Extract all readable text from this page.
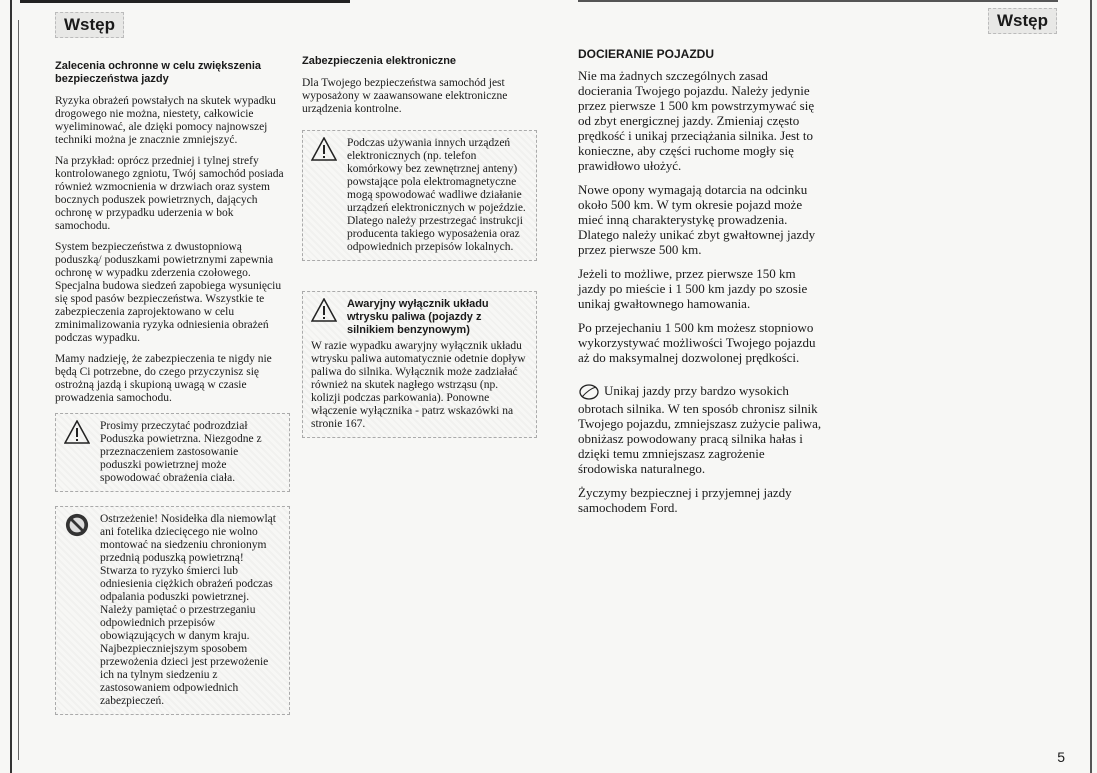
Wstęp
Zalecenia ochronne w celu zwiększenia bezpieczeństwa jazdy

Ryzyka obrażeń powstałych na skutek wypadku drogowego nie można, niestety, całkowicie wyeliminować, ale dzięki pomocy najnowszej techniki można je znacznie zmniejszyć.

Na przykład: oprócz przedniej i tylnej strefy kontrolowanego zgniotu, Twój samochód posiada również wzmocnienia w drzwiach oraz system bocznych poduszek powietrznych, dających ochronę w przypadku uderzenia w bok samochodu.

System bezpieczeństwa z dwustopniową poduszką/ poduszkami powietrznymi zapewnia ochronę w wypadku zderzenia czołowego. Specjalna budowa siedzeń zapobiega wysunięciu się spod pasów bezpieczeństwa. Wszystkie te zabezpieczenia zaprojektowano w celu zminimalizowania ryzyka odniesienia obrażeń podczas wypadku.

Mamy nadzieję, że zabezpieczenia te nigdy nie będą Ci potrzebne, do czego przyczynisz się ostrożną jazdą i skupioną uwagą w czasie prowadzenia samochodu.

Prosimy przeczytać podrozdział Poduszka powietrzna. Niezgodne z przeznaczeniem zastosowanie poduszki powietrznej może spowodować obrażenia ciała.
Ostrzeżenie! Nosidełka dla niemowląt ani fotelika dziecięcego nie wolno montować na siedzeniu chronionym przednią poduszką powietrzną! Stwarza to ryzyko śmierci lub odniesienia ciężkich obrażeń podczas odpalania poduszki powietrznej. Należy pamiętać o przestrzeganiu odpowiednich przepisów obowiązujących w danym kraju. Najbezpieczniejszym sposobem przewożenia dzieci jest przewożenie ich na tylnym siedzeniu z zastosowaniem odpowiednich zabezpieczeń.
Zabezpieczenia elektroniczne

Dla Twojego bezpieczeństwa samochód jest wyposażony w zaawansowane elektroniczne urządzenia kontrolne.

Podczas używania innych urządzeń elektronicznych (np. telefon komórkowy bez zewnętrznej anteny) powstające pola elektromagnetyczne mogą spowodować wadliwe działanie urządzeń elektronicznych w pojeździe. Dlatego należy przestrzegać instrukcji producenta takiego wyposażenia oraz odpowiednich przepisów lokalnych.
Awaryjny wyłącznik układu wtrysku paliwa (pojazdy z silnikiem benzynowym)
W razie wypadku awaryjny wyłącznik układu wtrysku paliwa automatycznie odetnie dopływ paliwa do silnika. Wyłącznik może zadziałać również na skutek nagłego wstrząsu (np. kolizji podczas parkowania). Ponowne włączenie wyłącznika - patrz wskazówki na stronie 167.
Wstęp
DOCIERANIE POJAZDU

Nie ma żadnych szczególnych zasad docierania Twojego pojazdu. Należy jedynie przez pierwsze 1 500 km powstrzymywać się od zbyt energicznej jazdy. Zmieniaj często prędkość i unikaj przeciążania silnika. Jest to konieczne, aby części ruchome mogły się prawidłowo ułożyć.

Nowe opony wymagają dotarcia na odcinku około 500 km. W tym okresie pojazd może mieć inną charakterystykę prowadzenia. Dlatego należy unikać zbyt gwałtownej jazdy przez pierwsze 500 km.

Jeżeli to możliwe, przez pierwsze 150 km jazdy po mieście i 1 500 km jazdy po szosie unikaj gwałtownego hamowania.

Po przejechaniu 1 500 km możesz stopniowo wykorzystywać możliwości Twojego pojazdu aż do maksymalnej dozwolonej prędkości.

Unikaj jazdy przy bardzo wysokich obrotach silnika. W ten sposób chronisz silnik Twojego pojazdu, zmniejszasz zużycie paliwa, obniżasz powodowany pracą silnika hałas i dzięki temu zmniejszasz zagrożenie środowiska naturalnego.

Życzymy bezpiecznej i przyjemnej jazdy samochodem Ford.

5
